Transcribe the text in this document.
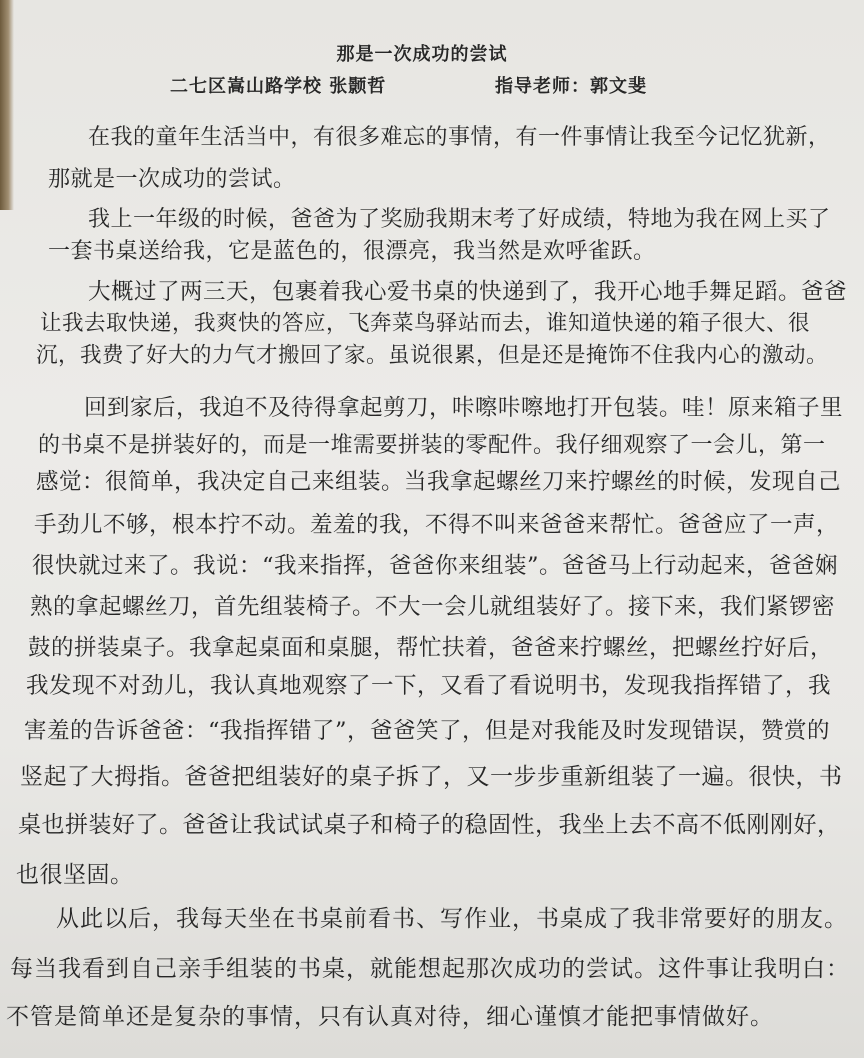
那是一次成功的尝试
二七区嵩山路学校 张颢哲	指导老师：郭文斐
在我的童年生活当中，有很多难忘的事情，有一件事情让我至今记忆犹新，
那就是一次成功的尝试。
我上一年级的时候，爸爸为了奖励我期末考了好成绩，特地为我在网上买了
一套书桌送给我，它是蓝色的，很漂亮，我当然是欢呼雀跃。
大概过了两三天，包裹着我心爱书桌的快递到了，我开心地手舞足蹈。爸爸
让我去取快递，我爽快的答应，飞奔菜鸟驿站而去，谁知道快递的箱子很大、很
沉，我费了好大的力气才搬回了家。虽说很累，但是还是掩饰不住我内心的激动。
回到家后，我迫不及待得拿起剪刀，咔嚓咔嚓地打开包装。哇！原来箱子里
的书桌不是拼装好的，而是一堆需要拼装的零配件。我仔细观察了一会儿，第一
感觉：很简单，我决定自己来组装。当我拿起螺丝刀来拧螺丝的时候，发现自己
手劲儿不够，根本拧不动。羞羞的我，不得不叫来爸爸来帮忙。爸爸应了一声，
很快就过来了。我说：“我来指挥，爸爸你来组装”。爸爸马上行动起来，爸爸娴
熟的拿起螺丝刀，首先组装椅子。不大一会儿就组装好了。接下来，我们紧锣密
鼓的拼装桌子。我拿起桌面和桌腿，帮忙扶着，爸爸来拧螺丝，把螺丝拧好后，
我发现不对劲儿，我认真地观察了一下，又看了看说明书，发现我指挥错了，我
害羞的告诉爸爸：“我指挥错了”，爸爸笑了，但是对我能及时发现错误，赞赏的
竖起了大拇指。爸爸把组装好的桌子拆了，又一步步重新组装了一遍。很快，书
桌也拼装好了。爸爸让我试试桌子和椅子的稳固性，我坐上去不高不低刚刚好，
也很坚固。
从此以后，我每天坐在书桌前看书、写作业，书桌成了我非常要好的朋友。
每当我看到自己亲手组装的书桌，就能想起那次成功的尝试。这件事让我明白：
不管是简单还是复杂的事情，只有认真对待，细心谨慎才能把事情做好。
